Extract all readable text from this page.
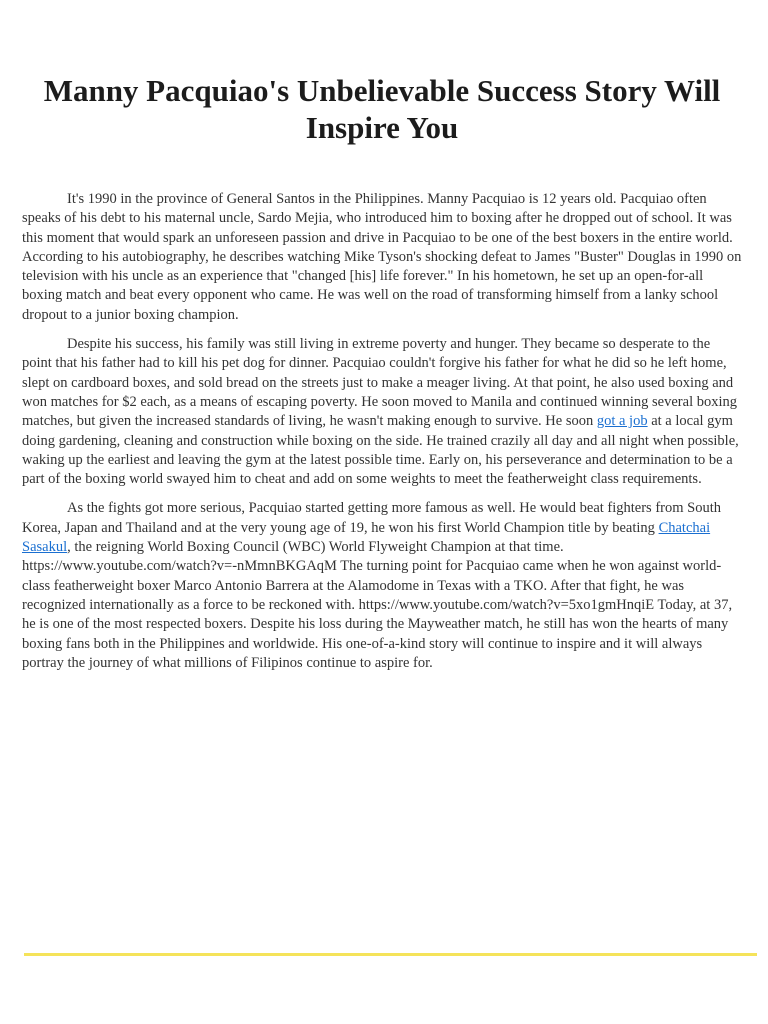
Manny Pacquiao's Unbelievable Success Story Will Inspire You

It's 1990 in the province of General Santos in the Philippines. Manny Pacquiao is 12 years old. Pacquiao often speaks of his debt to his maternal uncle, Sardo Mejia, who introduced him to boxing after he dropped out of school. It was this moment that would spark an unforeseen passion and drive in Pacquiao to be one of the best boxers in the entire world. According to his autobiography, he describes watching Mike Tyson's shocking defeat to James "Buster" Douglas in 1990 on television with his uncle as an experience that "changed [his] life forever." In his hometown, he set up an open-for-all boxing match and beat every opponent who came. He was well on the road of transforming himself from a lanky school dropout to a junior boxing champion.

Despite his success, his family was still living in extreme poverty and hunger. They became so desperate to the point that his father had to kill his pet dog for dinner. Pacquiao couldn't forgive his father for what he did so he left home, slept on cardboard boxes, and sold bread on the streets just to make a meager living. At that point, he also used boxing and won matches for $2 each, as a means of escaping poverty. He soon moved to Manila and continued winning several boxing matches, but given the increased standards of living, he wasn't making enough to survive. He soon got a job at a local gym doing gardening, cleaning and construction while boxing on the side. He trained crazily all day and all night when possible, waking up the earliest and leaving the gym at the latest possible time. Early on, his perseverance and determination to be a part of the boxing world swayed him to cheat and add on some weights to meet the featherweight class requirements.

As the fights got more serious, Pacquiao started getting more famous as well. He would beat fighters from South Korea, Japan and Thailand and at the very young age of 19, he won his first World Champion title by beating Chatchai Sasakul, the reigning World Boxing Council (WBC) World Flyweight Champion at that time. https://www.youtube.com/watch?v=-nMmnBKGAqM The turning point for Pacquiao came when he won against world-class featherweight boxer Marco Antonio Barrera at the Alamodome in Texas with a TKO. After that fight, he was recognized internationally as a force to be reckoned with. https://www.youtube.com/watch?v=5xo1gmHnqiE Today, at 37, he is one of the most respected boxers. Despite his loss during the Mayweather match, he still has won the hearts of many boxing fans both in the Philippines and worldwide. His one-of-a-kind story will continue to inspire and it will always portray the journey of what millions of Filipinos continue to aspire for.
